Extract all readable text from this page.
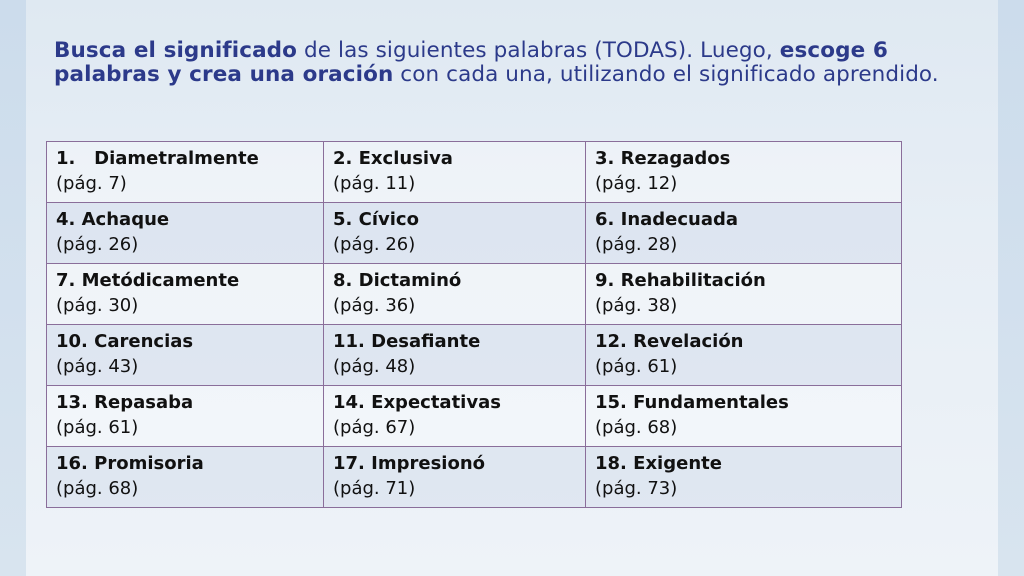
Busca el significado de las siguientes palabras (TODAS). Luego, escoge 6 palabras y crea una oración con cada una, utilizando el significado aprendido.
1.   Diametralmente
(pág. 7)	2. Exclusiva
(pág. 11)	3. Rezagados
(pág. 12)

4. Achaque
(pág. 26)	5. Cívico
(pág. 26)	6. Inadecuada
(pág. 28)

7. Metódicamente
(pág. 30)	8. Dictaminó
(pág. 36)	9. Rehabilitación
(pág. 38)

10. Carencias
(pág. 43)	11. Desafiante
(pág. 48)	12. Revelación
(pág. 61)

13. Repasaba
(pág. 61)	14. Expectativas
(pág. 67)	15. Fundamentales
(pág. 68)

16. Promisoria
(pág. 68)	17. Impresionó
(pág. 71)	18. Exigente
(pág. 73)
